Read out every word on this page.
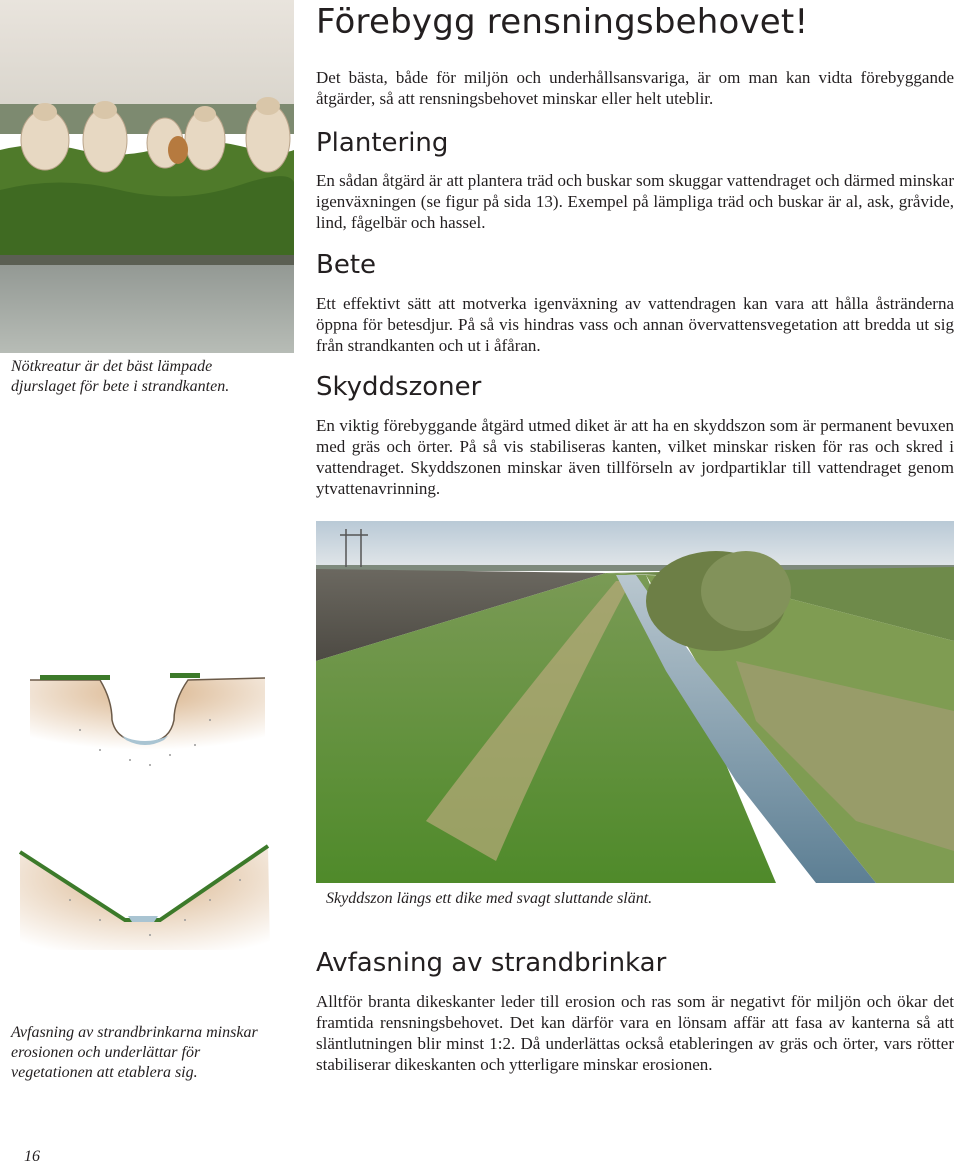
Förebygg rensningsbehovet!
Det bästa, både för miljön och underhållsansvariga, är om man kan vidta förebyggande åtgärder, så att rensningsbehovet minskar eller helt uteblir.
Nötkreatur är det bäst lämpade djurslaget för bete i strandkanten.
Plantering
En sådan åtgärd är att plantera träd och buskar som skuggar vattendraget och därmed minskar igenväxningen (se figur på sida 13). Exempel på lämpliga träd och buskar är al, ask, gråvide, lind, fågelbär och hassel.
Bete
Ett effektivt sätt att motverka igenväxning av vattendragen kan vara att hålla åstränderna öppna för betesdjur. På så vis hindras vass och annan övervattensvegetation att bredda ut sig från strandkanten och ut i åfåran.
Skyddszoner
En viktig förebyggande åtgärd utmed diket är att ha en skyddszon som är permanent bevuxen med gräs och örter. På så vis stabiliseras kanten, vilket minskar risken för ras och skred i vattendraget. Skyddszonen minskar även tillförseln av jordpartiklar till vattendraget genom ytvattenavrinning.
Skyddszon längs ett dike med svagt sluttande slänt.
Avfasning av strandbrinkarna minskar erosionen och underlättar för vegetationen att etablera sig.
Avfasning av strandbrinkar
Alltför branta dikeskanter leder till erosion och ras som är negativt för miljön och ökar det framtida rensningsbehovet. Det kan därför vara en lönsam affär att fasa av kanterna så att släntlutningen blir minst 1:2. Då underlättas också etableringen av gräs och örter, vars rötter stabiliserar dikeskanten och ytterligare minskar erosionen.
16
